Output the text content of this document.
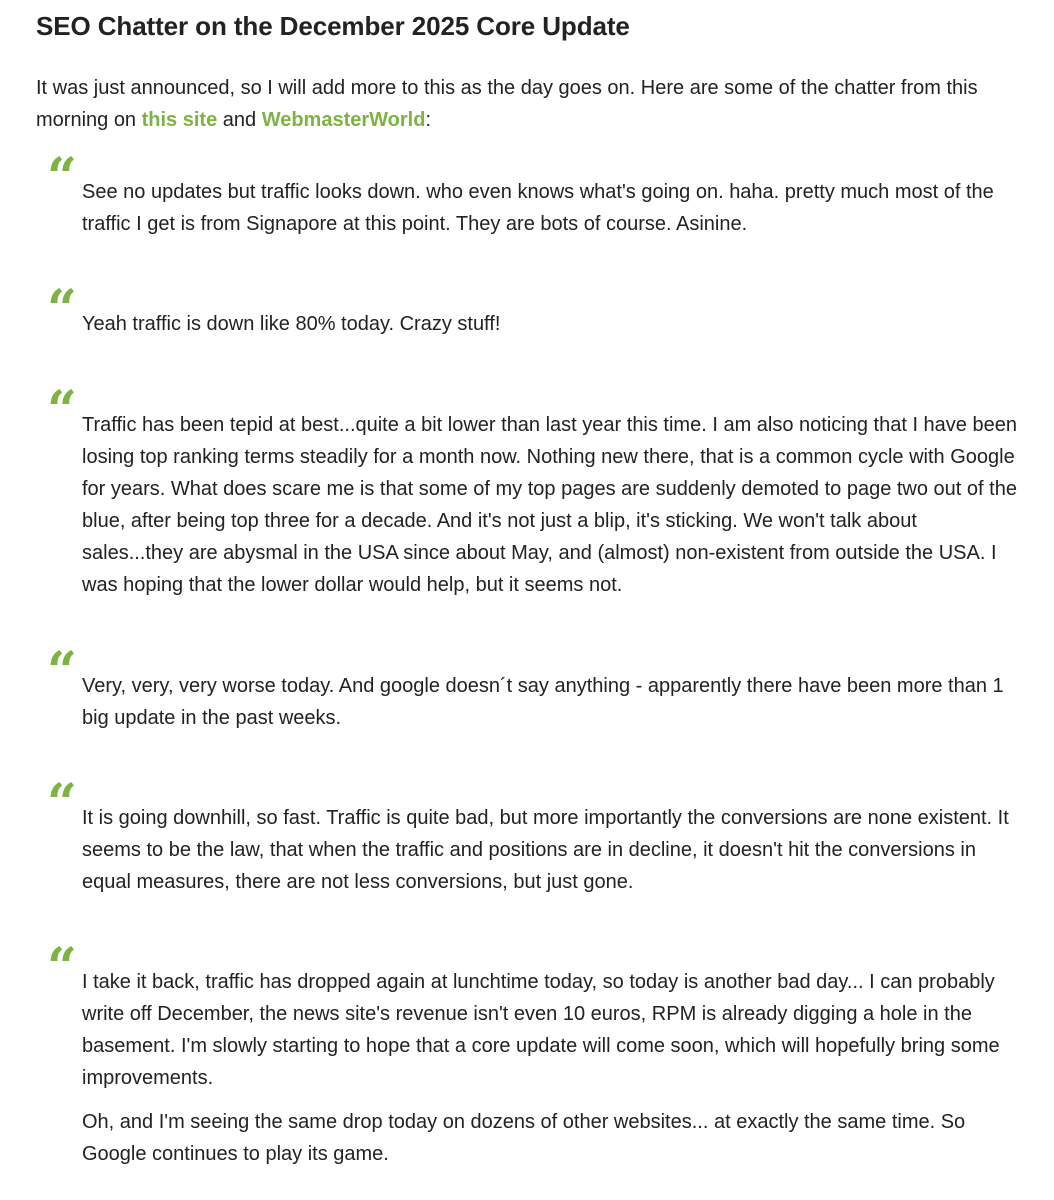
SEO Chatter on the December 2025 Core Update

It was just announced, so I will add more to this as the day goes on. Here are some of the chatter from this morning on this site and WebmasterWorld:

“ See no updates but traffic looks down. who even knows what's going on. haha. pretty much most of the traffic I get is from Signapore at this point. They are bots of course. Asinine.

“ Yeah traffic is down like 80% today. Crazy stuff!

“ Traffic has been tepid at best...quite a bit lower than last year this time. I am also noticing that I have been losing top ranking terms steadily for a month now. Nothing new there, that is a common cycle with Google for years. What does scare me is that some of my top pages are suddenly demoted to page two out of the blue, after being top three for a decade. And it's not just a blip, it's sticking. We won't talk about sales...they are abysmal in the USA since about May, and (almost) non-existent from outside the USA. I was hoping that the lower dollar would help, but it seems not.

“ Very, very, very worse today. And google doesn´t say anything - apparently there have been more than 1 big update in the past weeks.

“ It is going downhill, so fast. Traffic is quite bad, but more importantly the conversions are none existent. It seems to be the law, that when the traffic and positions are in decline, it doesn't hit the conversions in equal measures, there are not less conversions, but just gone.

“ I take it back, traffic has dropped again at lunchtime today, so today is another bad day... I can probably write off December, the news site's revenue isn't even 10 euros, RPM is already digging a hole in the basement. I'm slowly starting to hope that a core update will come soon, which will hopefully bring some improvements.

Oh, and I'm seeing the same drop today on dozens of other websites... at exactly the same time. So Google continues to play its game.
